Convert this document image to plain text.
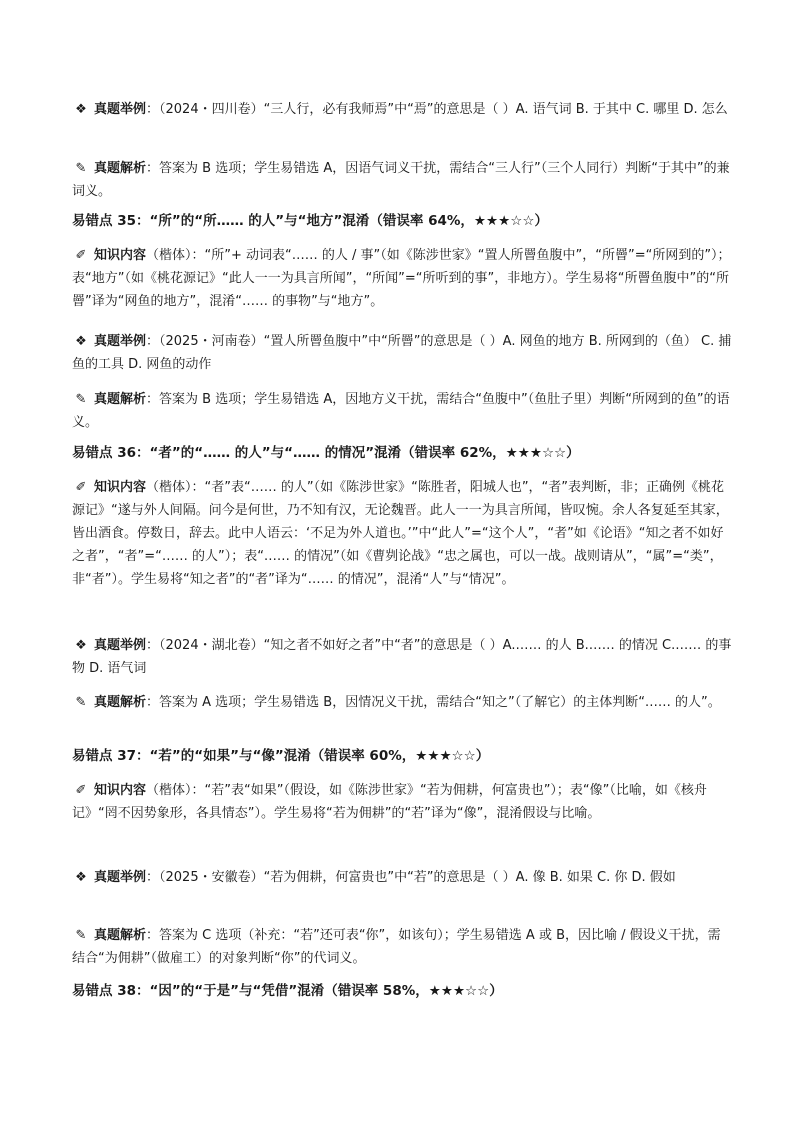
❖ 真题举例：（2024・四川卷）“三人行，必有我师焉”中“焉”的意思是（ ）A. 语气词 B. 于其中 C. 哪里 D. 怎么

✎ 真题解析：答案为 B 选项；学生易错选 A，因语气词义干扰，需结合“三人行”（三个人同行）判断“于其中”的兼词义。

易错点 35：“所”的“所…… 的人”与“地方”混淆（错误率 64%，★★★☆☆）

✐ 知识内容（楷体）：“所”+ 动词表“…… 的人 / 事”（如《陈涉世家》“置人所罾鱼腹中”，“所罾”=“所网到的”）；表“地方”（如《桃花源记》“此人一一为具言所闻”，“所闻”=“所听到的事”，非地方）。学生易将“所罾鱼腹中”的“所罾”译为“网鱼的地方”，混淆“…… 的事物”与“地方”。

❖ 真题举例：（2025・河南卷）“置人所罾鱼腹中”中“所罾”的意思是（ ）A. 网鱼的地方 B. 所网到的（鱼） C. 捕鱼的工具 D. 网鱼的动作

✎ 真题解析：答案为 B 选项；学生易错选 A，因地方义干扰，需结合“鱼腹中”（鱼肚子里）判断“所网到的鱼”的语义。

易错点 36：“者”的“…… 的人”与“…… 的情况”混淆（错误率 62%，★★★☆☆）

✐ 知识内容（楷体）：“者”表“…… 的人”（如《陈涉世家》“陈胜者，阳城人也”，“者”表判断，非；正确例《桃花源记》“遂与外人间隔。问今是何世，乃不知有汉，无论魏晋。此人一一为具言所闻，皆叹惋。余人各复延至其家，皆出酒食。停数日，辞去。此中人语云：‘不足为外人道也。’”中“此人”=“这个人”，“者”如《论语》“知之者不如好之者”，“者”=“…… 的人”）；表“…… 的情况”（如《曹刿论战》“忠之属也，可以一战。战则请从”，“属”=“类”，非“者”）。学生易将“知之者”的“者”译为“…… 的情况”，混淆“人”与“情况”。

❖ 真题举例：（2024・湖北卷）“知之者不如好之者”中“者”的意思是（ ）A.…… 的人 B.…… 的情况 C.…… 的事物 D. 语气词

✎ 真题解析：答案为 A 选项；学生易错选 B，因情况义干扰，需结合“知之”（了解它）的主体判断“…… 的人”。

易错点 37：“若”的“如果”与“像”混淆（错误率 60%，★★★☆☆）

✐ 知识内容（楷体）：“若”表“如果”（假设，如《陈涉世家》“若为佣耕，何富贵也”）；表“像”（比喻，如《核舟记》“罔不因势象形，各具情态”）。学生易将“若为佣耕”的“若”译为“像”，混淆假设与比喻。

❖ 真题举例：（2025・安徽卷）“若为佣耕，何富贵也”中“若”的意思是（ ）A. 像 B. 如果 C. 你 D. 假如

✎ 真题解析：答案为 C 选项（补充：“若”还可表“你”，如该句）；学生易错选 A 或 B，因比喻 / 假设义干扰，需结合“为佣耕”（做雇工）的对象判断“你”的代词义。

易错点 38：“因”的“于是”与“凭借”混淆（错误率 58%，★★★☆☆）
